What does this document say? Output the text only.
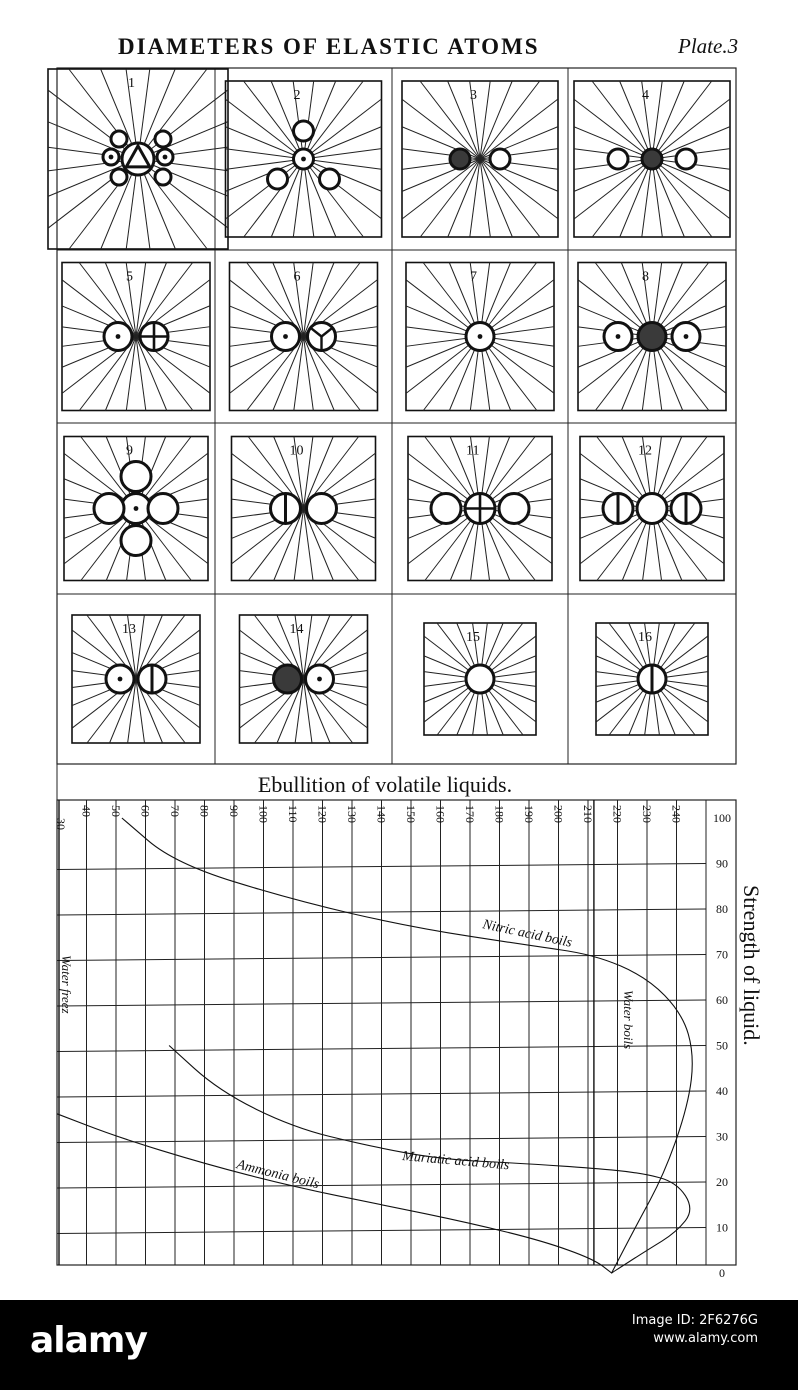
1
2	3	4
5	6	7	8
9	10	11	12
13	14
15	16
Ebullition of volatile liquids.
30
40 50 60 70 80 90 100 110 120 130 140 150 160 170 180 190 200 210 220 230 240 100
90
80
70
60
50
40
30
20
10
0
Nitric acid boils
Muriatic acid boils
Ammonia boils
Water freez
Water boils	Strength of liquid.
DIAMETERS OF ELASTIC ATOMS	Plate.3
alamy	Image ID: 2F6276G
www.alamy.com
